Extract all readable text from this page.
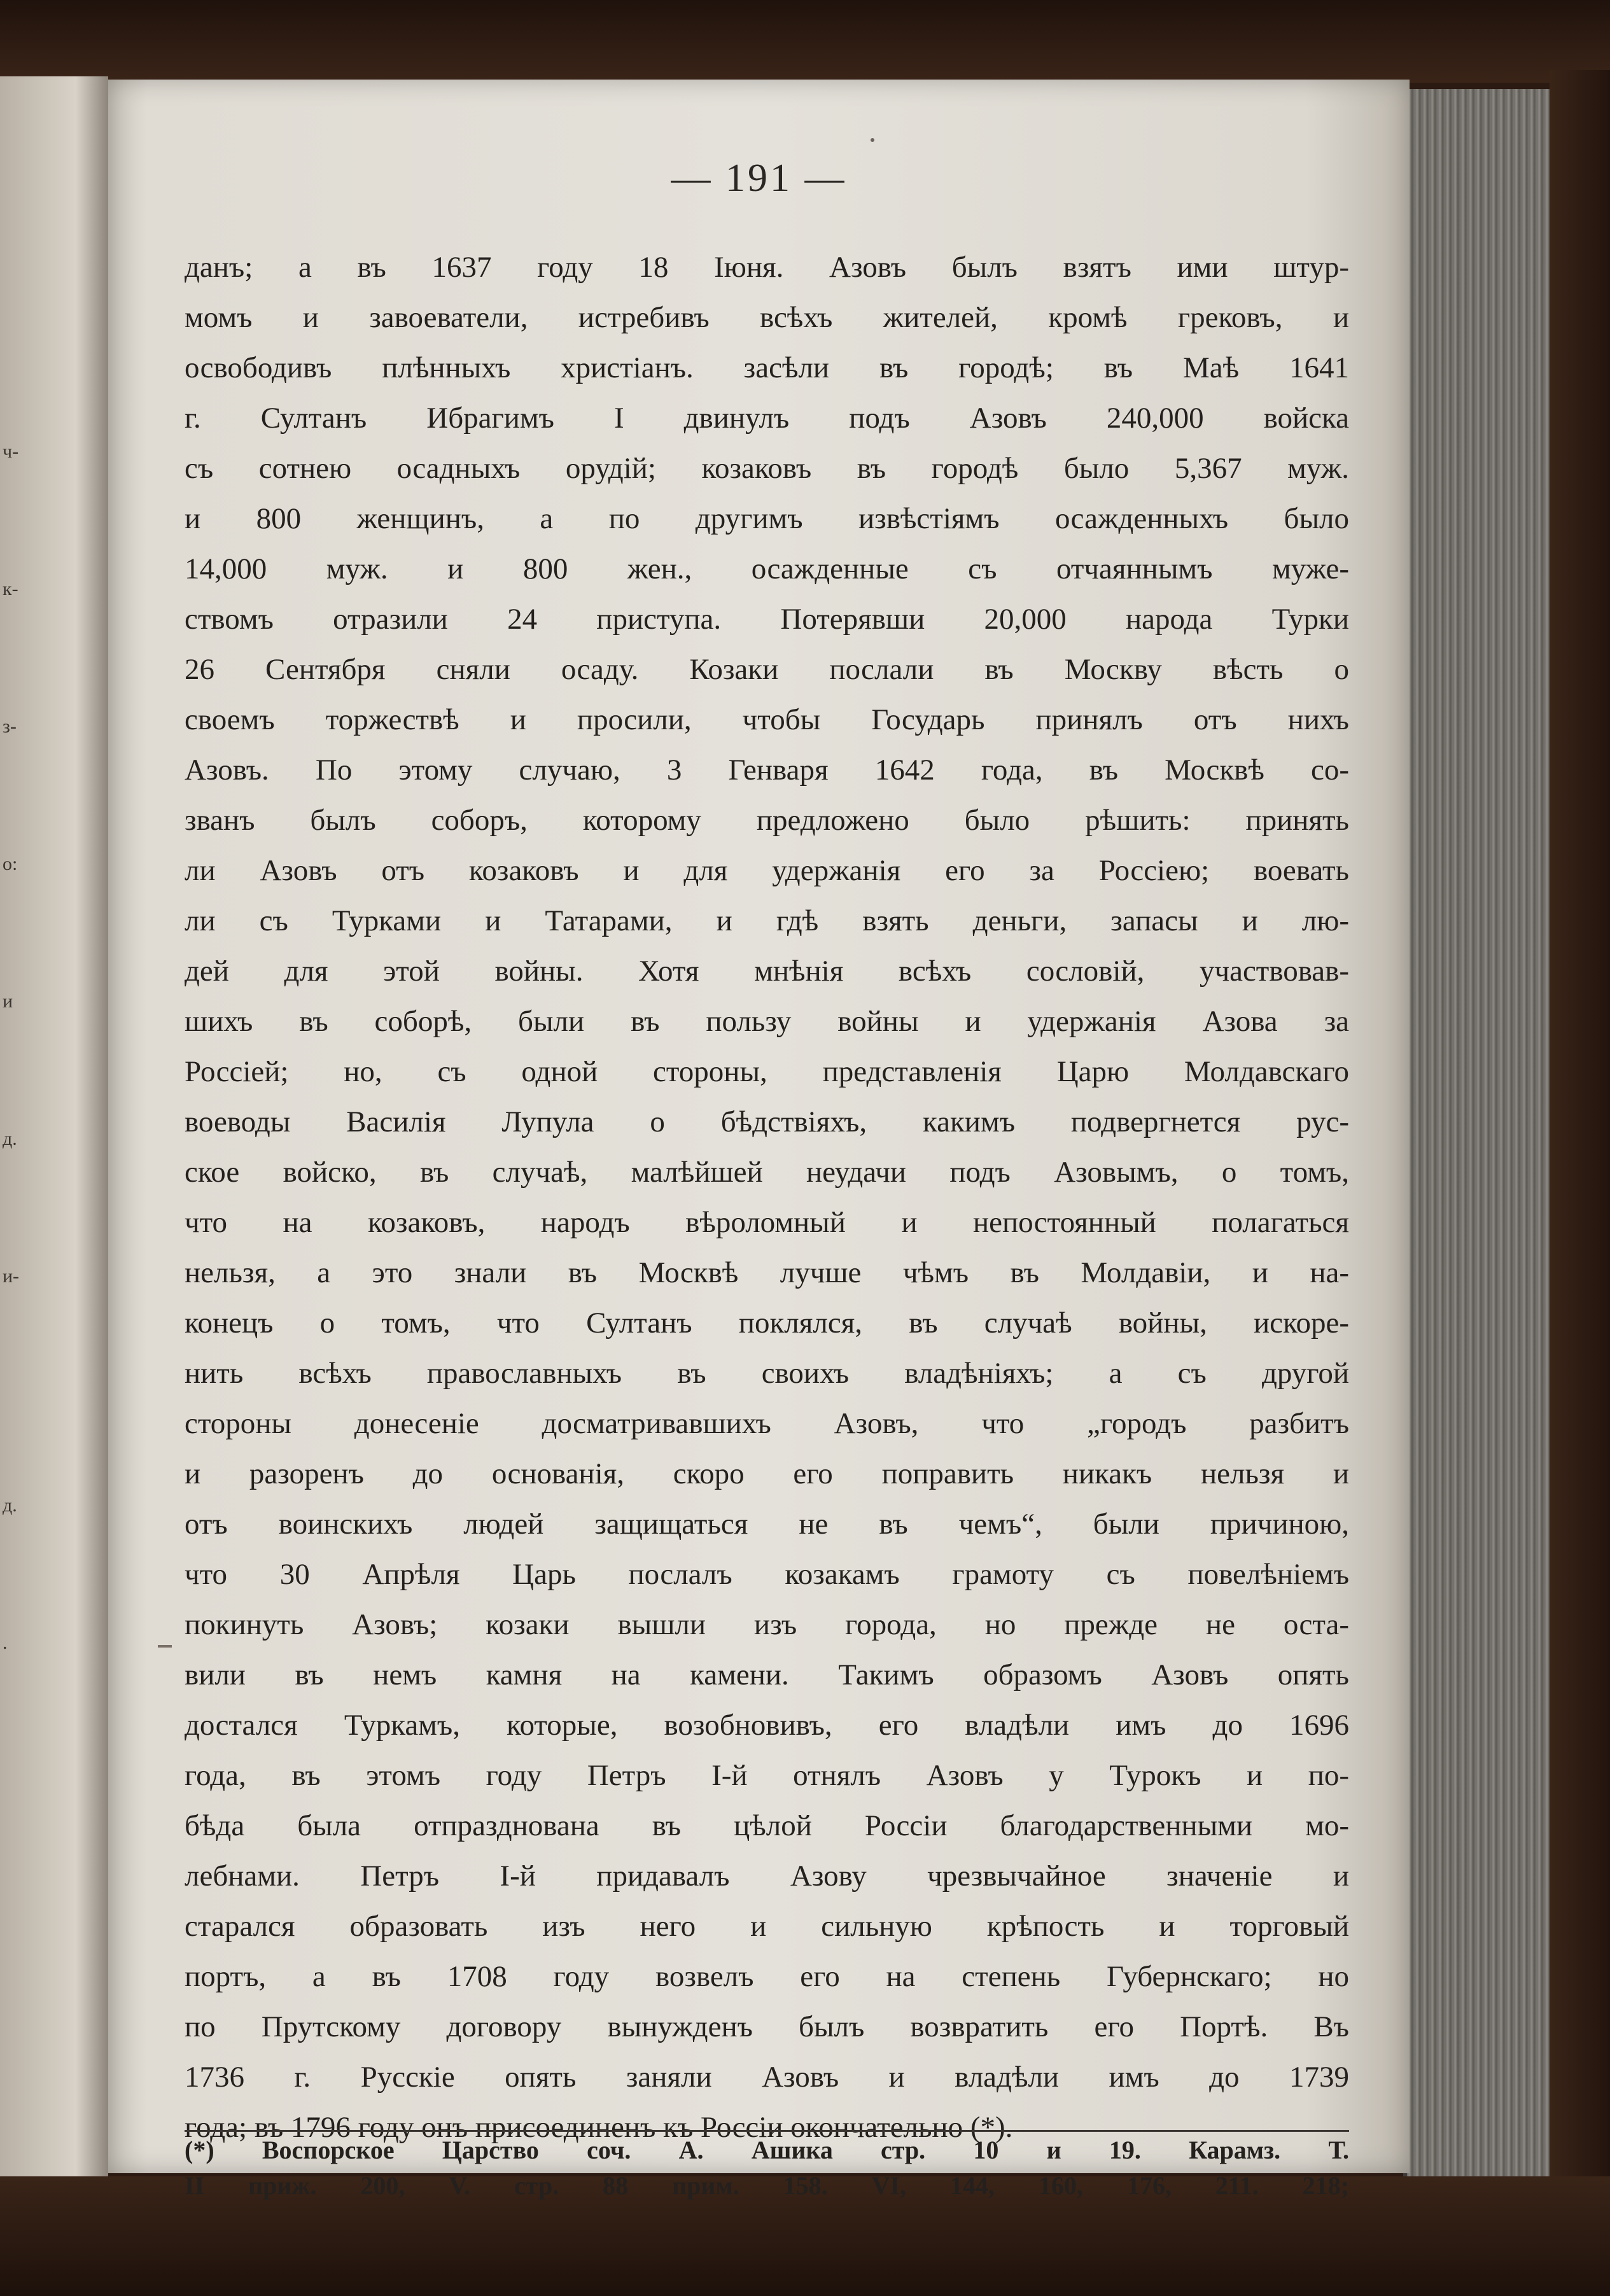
ч-

к-

з-

о:

и

д.

и-

д.

.

— 191 —
данъ; а въ 1637 году 18 Іюня. Азовъ былъ взятъ ими штур-
момъ и завоеватели, истребивъ всѣхъ жителей, кромѣ грековъ, и
освободивъ плѣнныхъ христіанъ. засѣли въ городѣ; въ Маѣ 1641
г. Султанъ Ибрагимъ I двинулъ подъ Азовъ 240,000 войска
съ сотнею осадныхъ орудій; козаковъ въ городѣ было 5,367 муж.
и 800 женщинъ, а по другимъ извѣстіямъ осажденныхъ было
14,000 муж. и 800 жен., осажденные съ отчаяннымъ муже-
ствомъ отразили 24 приступа. Потерявши 20,000 народа Турки
26 Сентября сняли осаду. Козаки послали въ Москву вѣсть о
своемъ торжествѣ и просили, чтобы Государь принялъ отъ нихъ
Азовъ. По этому случаю, 3 Генваря 1642 года, въ Москвѣ со-
званъ былъ соборъ, которому предложено было рѣшить: принять
ли Азовъ отъ козаковъ и для удержанія его за Россіею; воевать
ли съ Турками и Татарами, и гдѣ взять деньги, запасы и лю-
дей для этой войны. Хотя мнѣнія всѣхъ сословій, участвовав-
шихъ въ соборѣ, были въ пользу войны и удержанія Азова за
Россіей; но, съ одной стороны, представленія Царю Молдавскаго
воеводы Василія Лупула о бѣдствіяхъ, какимъ подвергнется рус-
ское войско, въ случаѣ, малѣйшей неудачи подъ Азовымъ, о томъ,
что на козаковъ, народъ вѣроломный и непостоянный полагаться
нельзя, а это знали въ Москвѣ лучше чѣмъ въ Молдавіи, и на-
конецъ о томъ, что Султанъ поклялся, въ случаѣ войны, искоре-
нить всѣхъ православныхъ въ своихъ владѣніяхъ; а съ другой
стороны донесеніе досматривавшихъ Азовъ, что „городъ разбитъ
и разоренъ до основанія, скоро его поправить никакъ нельзя и
отъ воинскихъ людей защищаться не въ чемъ“, были причиною,
что 30 Апрѣля Царь послалъ козакамъ грамоту съ повелѣніемъ
покинуть Азовъ; козаки вышли изъ города, но прежде не оста-
вили въ немъ камня на камени. Такимъ образомъ Азовъ опять
достался Туркамъ, которые, возобновивъ, его владѣли имъ до 1696
года, въ этомъ году Петръ I-й отнялъ Азовъ у Турокъ и по-
бѣда была отпразднована въ цѣлой Россіи благодарственными мо-
лебнами. Петръ I-й придавалъ Азову чрезвычайное значеніе и
старался образовать изъ него и сильную крѣпость и торговый
портъ, а въ 1708 году возвелъ его на степень Губернскаго; но
по Прутскому договору вынужденъ былъ возвратить его Портѣ. Въ
1736 г. Русскіе опять заняли Азовъ и владѣли имъ до 1739
года; въ 1796 году онъ присоединенъ къ Россіи окончательно (*).
(*) Воспорское Царство соч. А. Ашика стр. 10 и 19. Карамз. Т.
II приж. 200, V. стр. 88 прим. 158. VI, 144, 160, 176, 211. 218;
